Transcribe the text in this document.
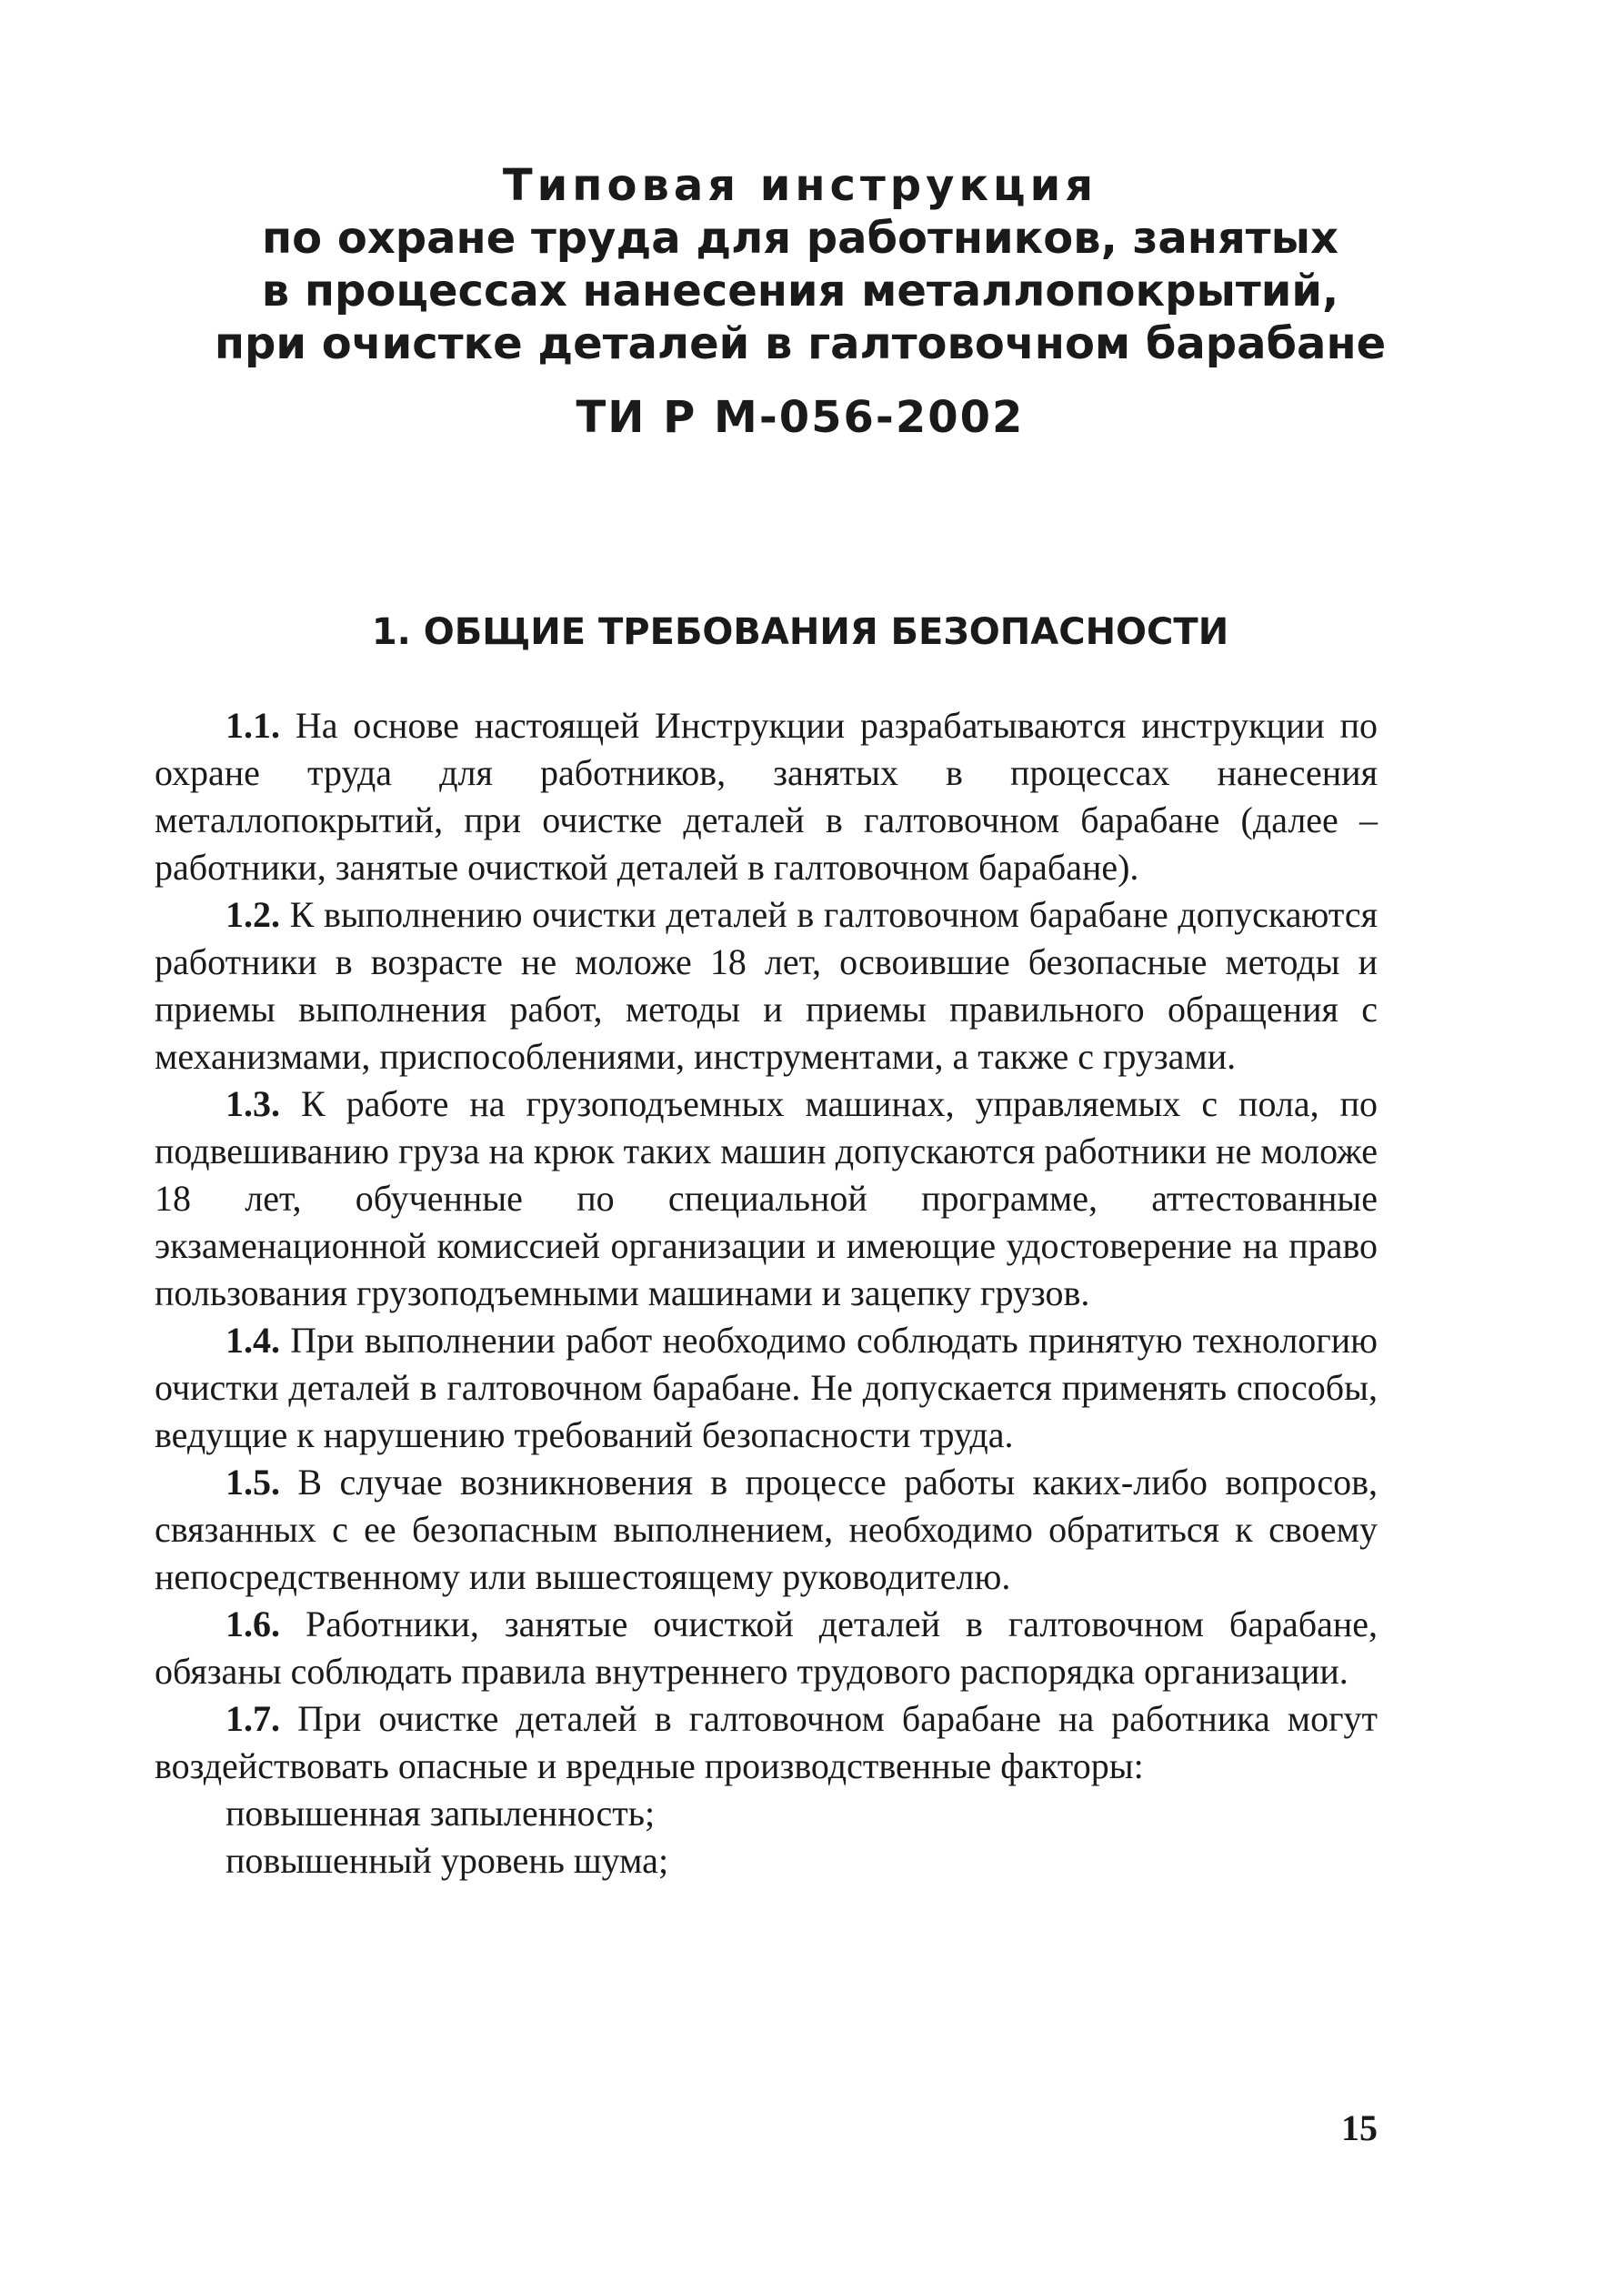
Типовая инструкция
по охране труда для работников, занятых
в процессах нанесения металлопокрытий,
при очистке деталей в галтовочном барабане
ТИ Р М-056-2002
1. ОБЩИЕ ТРЕБОВАНИЯ БЕЗОПАСНОСТИ

1.1. На основе настоящей Инструкции разрабатываются инструкции по охране труда для работников, занятых в процессах нанесения металлопокрытий, при очистке деталей в галтовочном барабане (далее – работники, занятые очисткой деталей в галтовочном барабане).

1.2. К выполнению очистки деталей в галтовочном барабане допускаются работники в возрасте не моложе 18 лет, освоившие безопасные методы и приемы выполнения работ, методы и приемы правильного обращения с механизмами, приспособлениями, инструментами, а также с грузами.

1.3. К работе на грузоподъемных машинах, управляемых с пола, по подвешиванию груза на крюк таких машин допускаются работники не моложе 18 лет, обученные по специальной программе, аттестованные экзаменационной комиссией организации и имеющие удостоверение на право пользования грузоподъемными машинами и зацепку грузов.

1.4. При выполнении работ необходимо соблюдать принятую технологию очистки деталей в галтовочном барабане. Не допускается применять способы, ведущие к нарушению требований безопасности труда.

1.5. В случае возникновения в процессе работы каких-либо вопросов, связанных с ее безопасным выполнением, необходимо обратиться к своему непосредственному или вышестоящему руководителю.

1.6. Работники, занятые очисткой деталей в галтовочном барабане, обязаны соблюдать правила внутреннего трудового распорядка организации.

1.7. При очистке деталей в галтовочном барабане на работника могут воздействовать опасные и вредные производственные факторы:

повышенная запыленность;

повышенный уровень шума;

15
